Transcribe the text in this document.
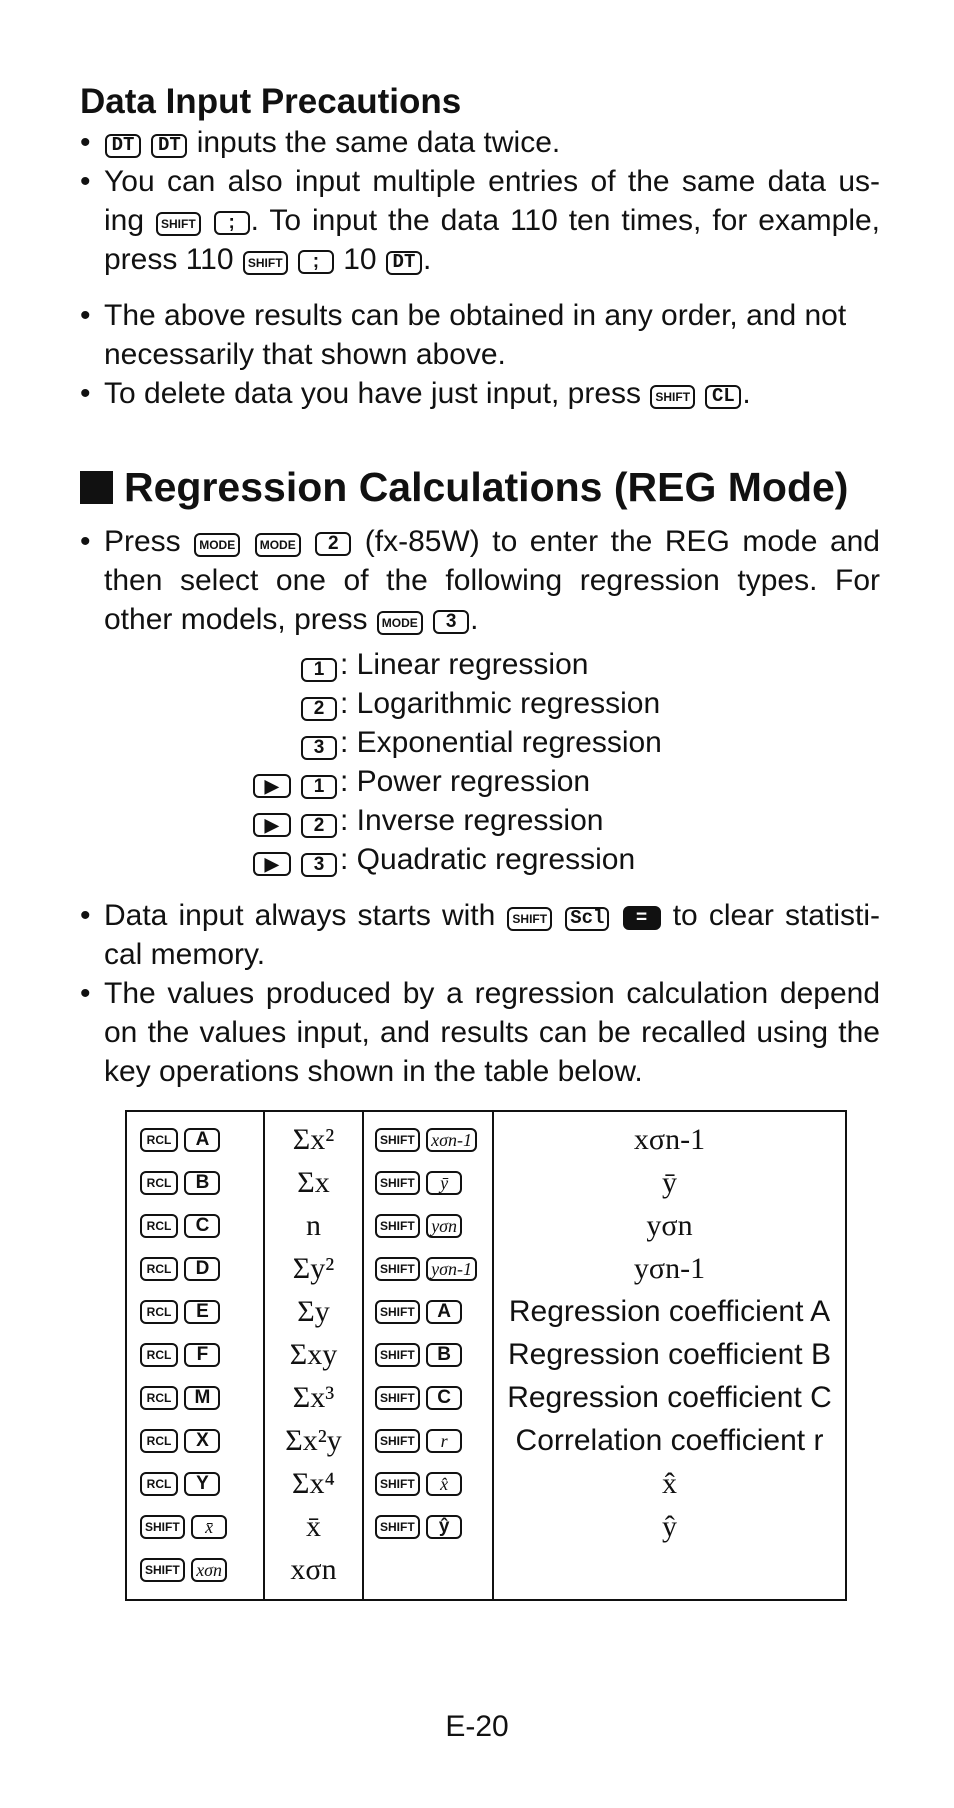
Data Input Precautions
•	DT DT inputs the same data twice.
• You can also input multiple entries of the same data us-ing SHIFT ; . To input the data 110 ten times, for example, press 110 SHIFT ; 10 DT .
• The above results can be obtained in any order, and not necessarily that shown above.
• To delete data you have just input, press SHIFT CL .
Regression Calculations (REG Mode)
• Press MODE MODE 2 (fx-85W) to enter the REG mode and then select one of the following regression types. For other models, press MODE 3 .
1 : Linear regression
2 : Logarithmic regression
3 : Exponential regression
▶ 1 : Power regression
▶ 2 : Inverse regression
▶ 3 : Quadratic regression
• Data input always starts with SHIFT Scl = to clear statisti-cal memory.
• The values produced by a regression calculation depend on the values input, and results can be recalled using the key operations shown in the table below.
RCL A	Σx²	SHIFT xσn-1	xσn-1
RCL B	Σx	SHIFT ȳ	ȳ
RCL C	n	SHIFT yσn	yσn
RCL D	Σy²	SHIFT yσn-1	yσn-1
RCL E	Σy	SHIFT A	Regression coefficient A
RCL F	Σxy	SHIFT B	Regression coefficient B
RCL M	Σx³	SHIFT C	Regression coefficient C
RCL X	Σx²y	SHIFT r	Correlation coefficient r
RCL Y	Σx⁴	SHIFT x̂	x̂
SHIFT x̄	x̄	SHIFT ŷ	ŷ
SHIFT xσn	xσn		
E-20
